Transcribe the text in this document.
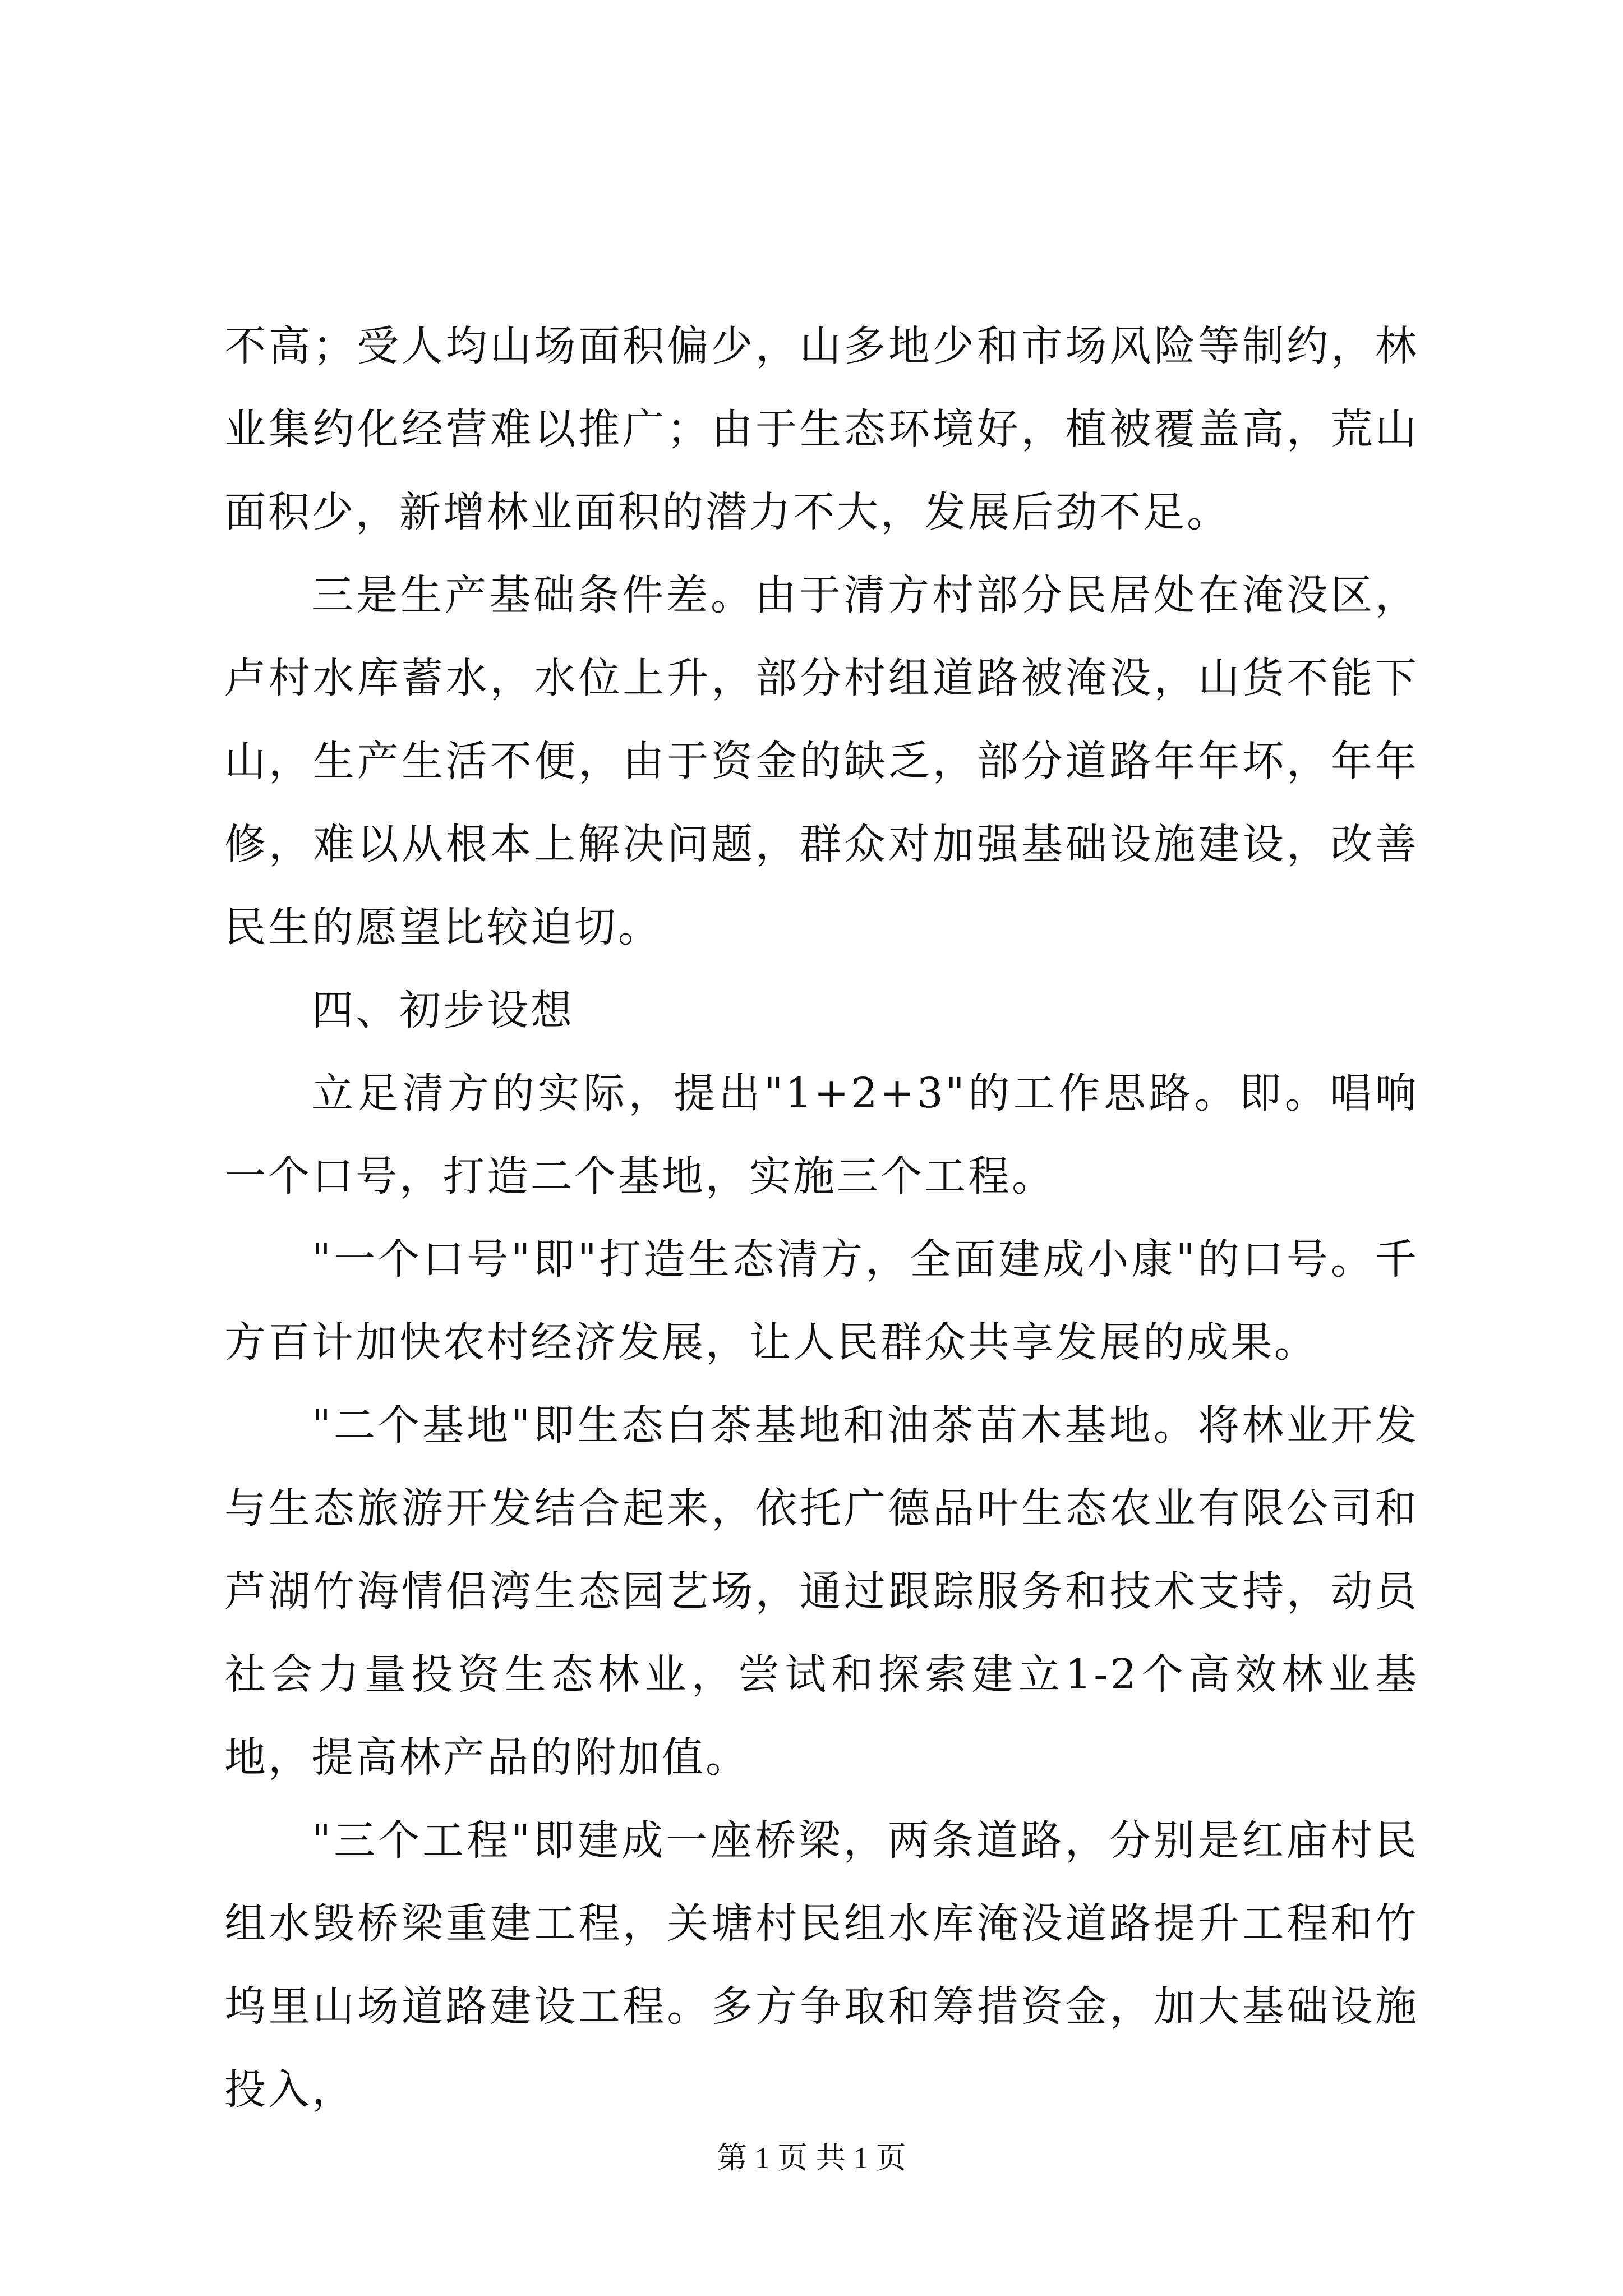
不高；受人均山场面积偏少，山多地少和市场风险等制约，林业集约化经营难以推广；由于生态环境好，植被覆盖高，荒山面积少，新增林业面积的潜力不大，发展后劲不足。

三是生产基础条件差。由于清方村部分民居处在淹没区，卢村水库蓄水，水位上升，部分村组道路被淹没，山货不能下山，生产生活不便，由于资金的缺乏，部分道路年年坏，年年修，难以从根本上解决问题，群众对加强基础设施建设，改善民生的愿望比较迫切。

四、初步设想

立足清方的实际，提出"1+2+3"的工作思路。即。唱响一个口号，打造二个基地，实施三个工程。

"一个口号"即"打造生态清方，全面建成小康"的口号。千方百计加快农村经济发展，让人民群众共享发展的成果。

"二个基地"即生态白茶基地和油茶苗木基地。将林业开发与生态旅游开发结合起来，依托广德品叶生态农业有限公司和芦湖竹海情侣湾生态园艺场，通过跟踪服务和技术支持，动员社会力量投资生态林业，尝试和探索建立1-2个高效林业基地，提高林产品的附加值。

"三个工程"即建成一座桥梁，两条道路，分别是红庙村民组水毁桥梁重建工程，关塘村民组水库淹没道路提升工程和竹坞里山场道路建设工程。多方争取和筹措资金，加大基础设施投入，

第 1 页 共 1 页
